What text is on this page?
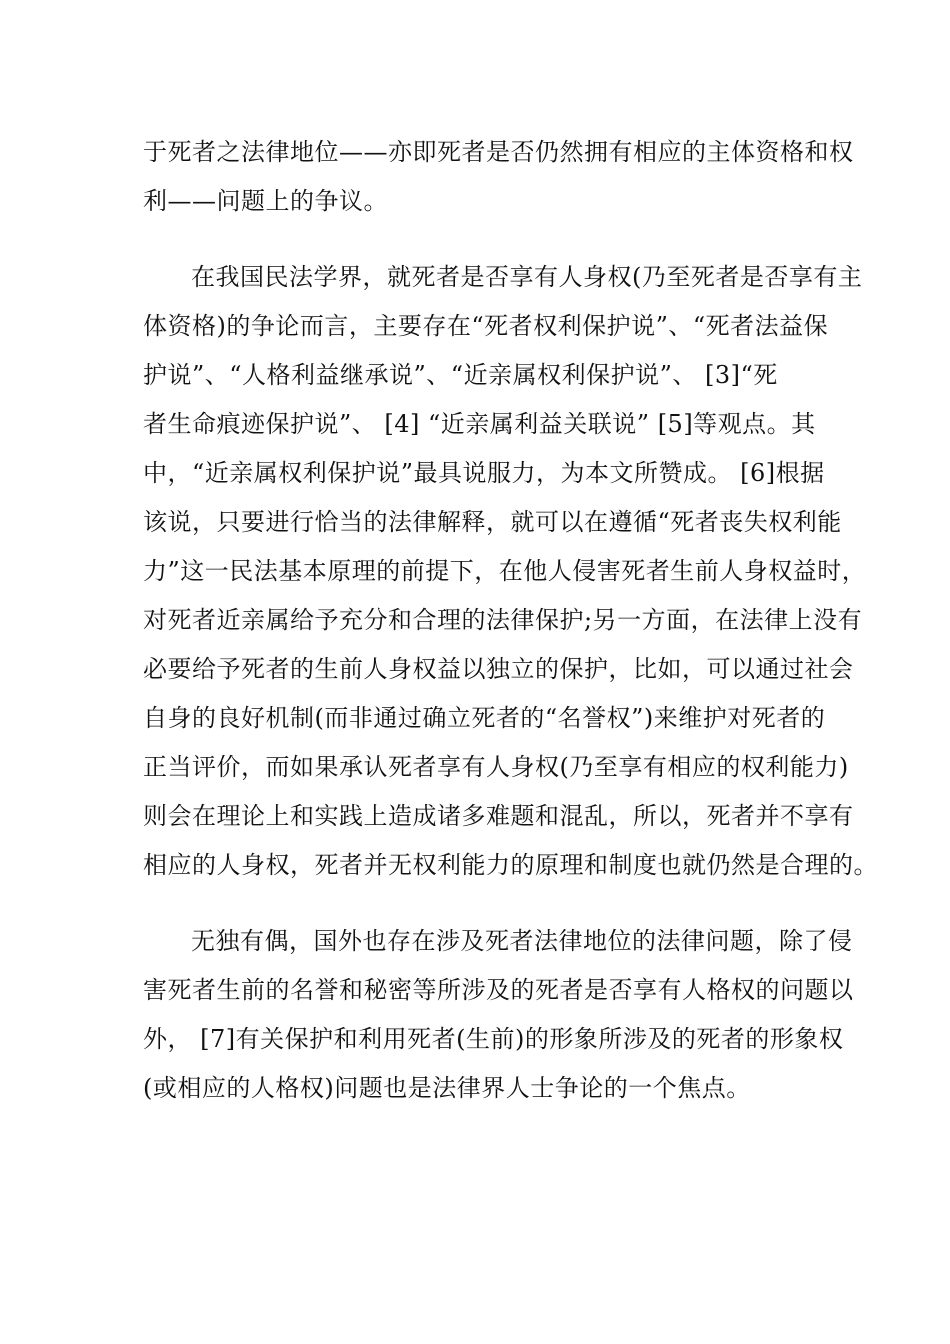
于死者之法律地位——亦即死者是否仍然拥有相应的主体资格和权
利——问题上的争议。
在我国民法学界，就死者是否享有人身权(乃至死者是否享有主
体资格)的争论而言，主要存在“死者权利保护说”、“死者法益保
护说”、“人格利益继承说”、“近亲属权利保护说”、 [3]“死
者生命痕迹保护说”、 [4] “近亲属利益关联说” [5]等观点。其
中，“近亲属权利保护说”最具说服力，为本文所赞成。 [6]根据
该说，只要进行恰当的法律解释，就可以在遵循“死者丧失权利能
力”这一民法基本原理的前提下，在他人侵害死者生前人身权益时，
对死者近亲属给予充分和合理的法律保护;另一方面，在法律上没有
必要给予死者的生前人身权益以独立的保护，比如，可以通过社会
自身的良好机制(而非通过确立死者的“名誉权”)来维护对死者的
正当评价，而如果承认死者享有人身权(乃至享有相应的权利能力)
则会在理论上和实践上造成诸多难题和混乱，所以，死者并不享有
相应的人身权，死者并无权利能力的原理和制度也就仍然是合理的。
无独有偶，国外也存在涉及死者法律地位的法律问题，除了侵
害死者生前的名誉和秘密等所涉及的死者是否享有人格权的问题以
外， [7]有关保护和利用死者(生前)的形象所涉及的死者的形象权
(或相应的人格权)问题也是法律界人士争论的一个焦点。
